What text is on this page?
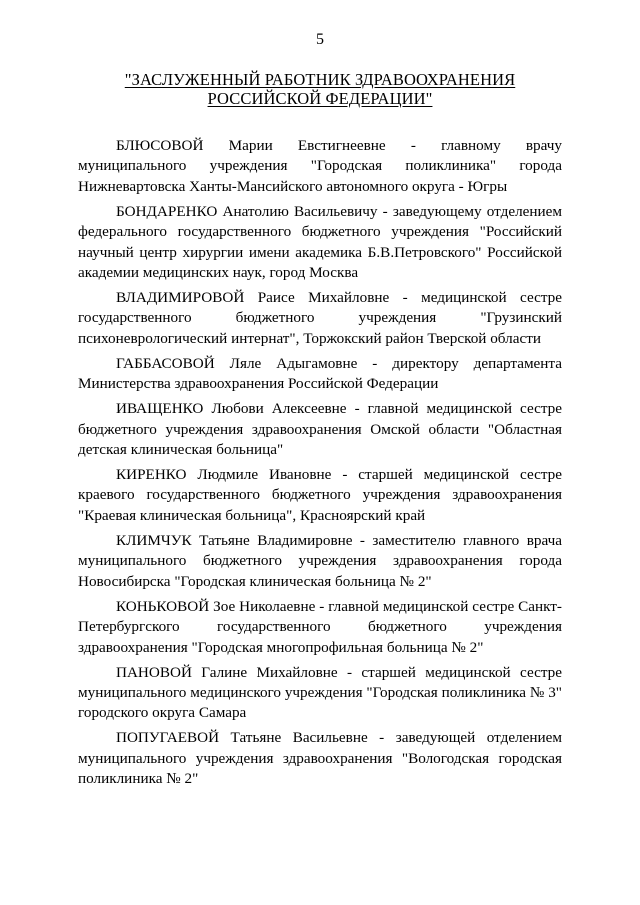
5
"ЗАСЛУЖЕННЫЙ РАБОТНИК ЗДРАВООХРАНЕНИЯ
РОССИЙСКОЙ ФЕДЕРАЦИИ"

БЛЮСОВОЙ Марии Евстигнеевне - главному врачу муниципального учреждения "Городская поликлиника" города Нижневартовска Ханты-Мансийского автономного округа - Югры

БОНДАРЕНКО Анатолию Васильевичу - заведующему отделением федерального государственного бюджетного учреждения "Российский научный центр хирургии имени академика Б.В.Петровского" Российской академии медицинских наук, город Москва

ВЛАДИМИРОВОЙ Раисе Михайловне - медицинской сестре государственного бюджетного учреждения "Грузинский психоневрологический интернат", Торжокский район Тверской области

ГАББАСОВОЙ Ляле Адыгамовне - директору департамента Министерства здравоохранения Российской Федерации

ИВАЩЕНКО Любови Алексеевне - главной медицинской сестре бюджетного учреждения здравоохранения Омской области "Областная детская клиническая больница"

КИРЕНКО Людмиле Ивановне - старшей медицинской сестре краевого государственного бюджетного учреждения здравоохранения "Краевая клиническая больница", Красноярский край

КЛИМЧУК Татьяне Владимировне - заместителю главного врача муниципального бюджетного учреждения здравоохранения города Новосибирска "Городская клиническая больница № 2"

КОНЬКОВОЙ Зое Николаевне - главной медицинской сестре Санкт-Петербургского государственного бюджетного учреждения здравоохранения "Городская многопрофильная больница № 2"

ПАНОВОЙ Галине Михайловне - старшей медицинской сестре муниципального медицинского учреждения "Городская поликлиника № 3" городского округа Самара

ПОПУГАЕВОЙ Татьяне Васильевне - заведующей отделением муниципального учреждения здравоохранения "Вологодская городская поликлиника № 2"
